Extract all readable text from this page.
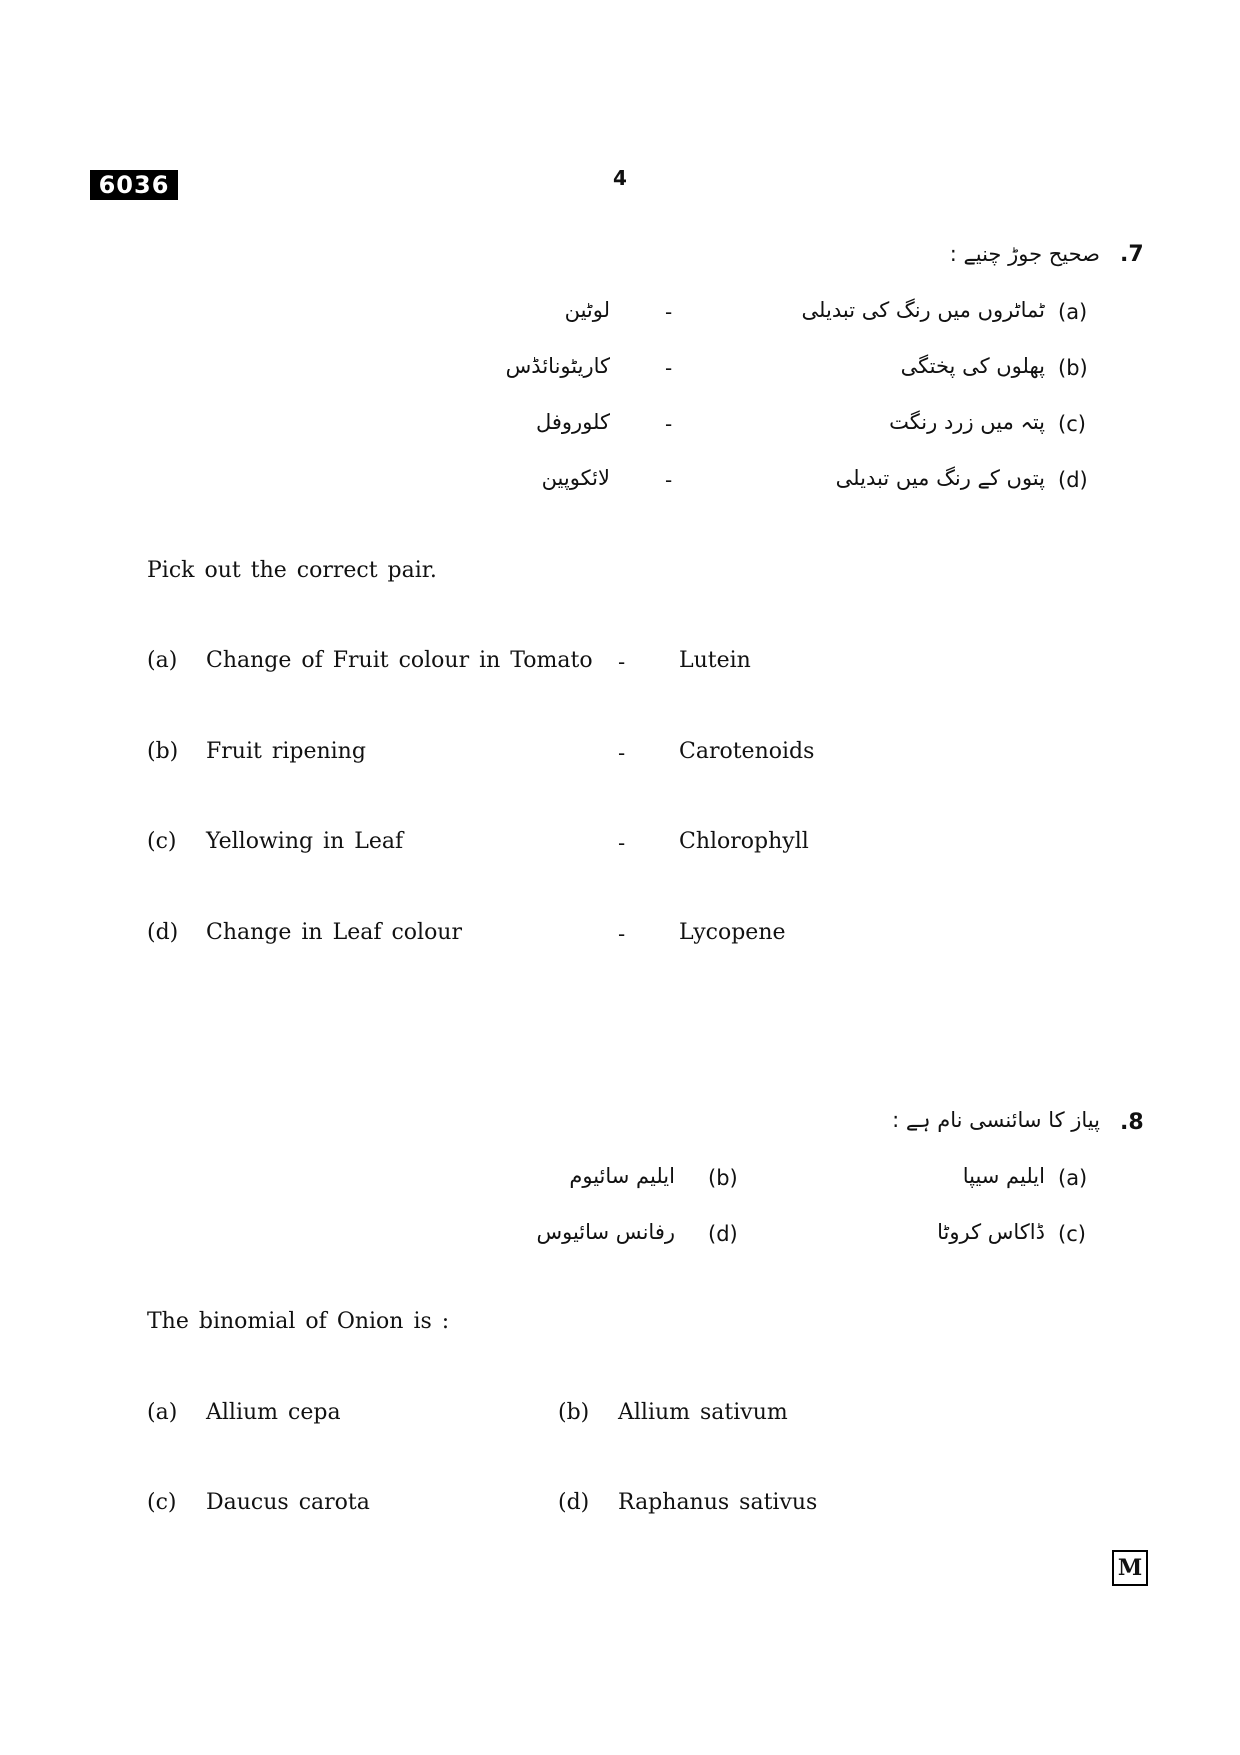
6036	4
.7
صحیح جوڑ چنیے :
(a)
ٹماٹروں میں رنگ کی تبدیلی
-
لوٹین
(b)
پھلوں کی پختگی
-
کاریٹونائڈس
(c)
پتہ میں زرد رنگت
-
کلوروفل
(d)
پتوں کے رنگ میں تبدیلی
-
لائکوپین
Pick out the correct pair.
(a) Change of Fruit colour in Tomato - Lutein
(b) Fruit ripening	- Carotenoids
(c) Yellowing in Leaf	- Chlorophyll
(d) Change in Leaf colour	- Lycopene
.8
پیاز کا سائنسی نام ہے :
(a)
ایلیم سیپا
(b)
ایلیم سائیوم
(c)
ڈاکاس کروٹا
(d)
رفانس سائیوس
The binomial of Onion is :
(a) Allium cepa	(b) Allium sativum
(c) Daucus carota	(d) Raphanus sativus
M
